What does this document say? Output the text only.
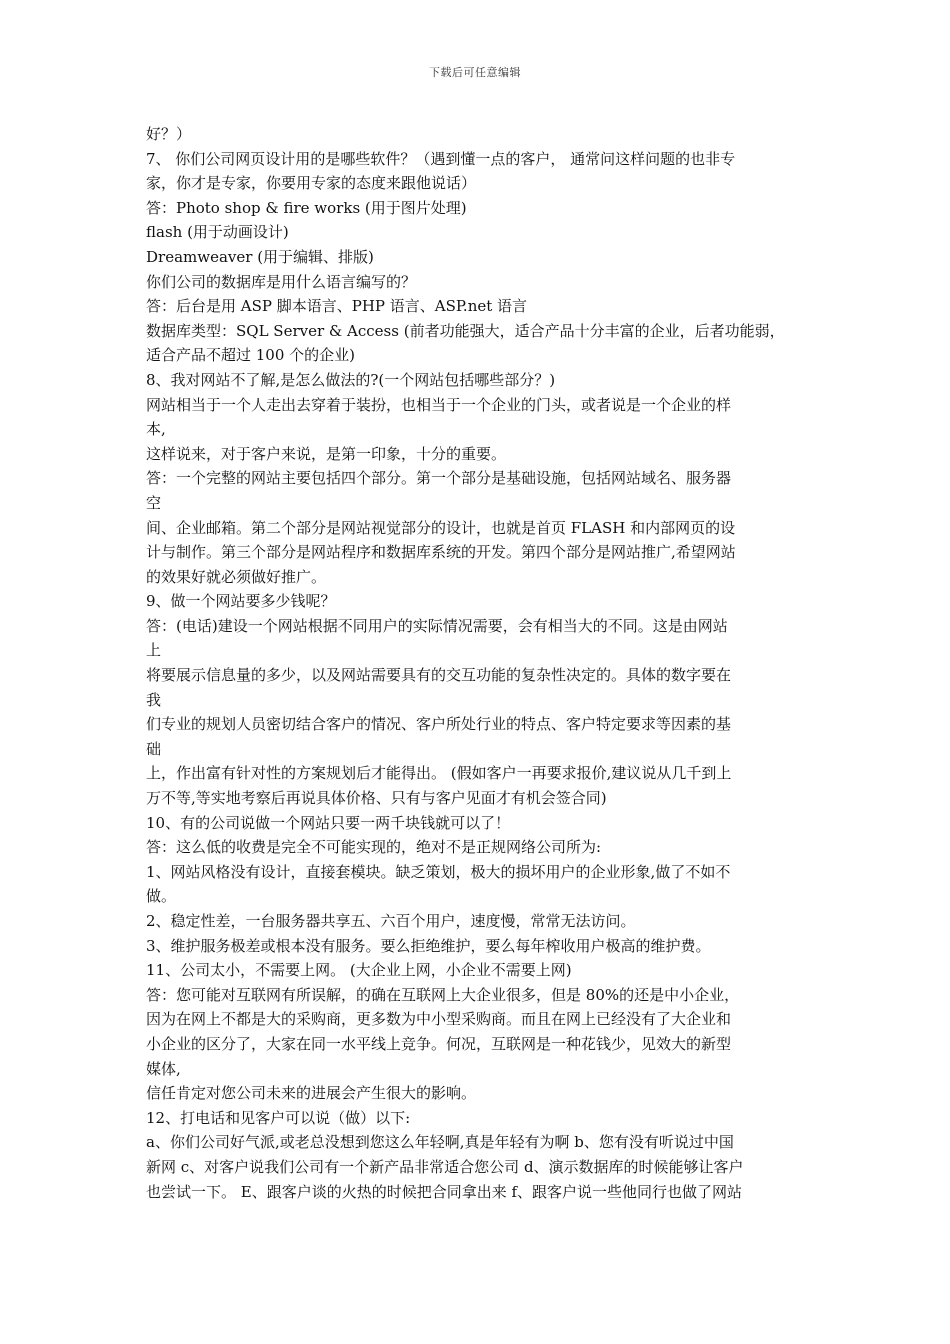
下载后可任意编辑
好？）
7、 你们公司网页设计用的是哪些软件？（遇到懂一点的客户， 通常问这样问题的也非专
家，你才是专家，你要用专家的态度来跟他说话）
答：Photo shop & fire works (用于图片处理)
flash (用于动画设计)
Dreamweaver (用于编辑、排版)
你们公司的数据库是用什么语言编写的？
答：后台是用 ASP 脚本语言、PHP 语言、ASP.net 语言
数据库类型：SQL Server & Access (前者功能强大，适合产品十分丰富的企业，后者功能弱，
适合产品不超过 100 个的企业)
8、我对网站不了解,是怎么做法的?(一个网站包括哪些部分？)
网站相当于一个人走出去穿着于装扮，也相当于一个企业的门头，或者说是一个企业的样
本,
这样说来，对于客户来说，是第一印象，十分的重要。
答：一个完整的网站主要包括四个部分。第一个部分是基础设施，包括网站域名、服务器
空
间、企业邮箱。第二个部分是网站视觉部分的设计，也就是首页 FLASH 和内部网页的设
计与制作。第三个部分是网站程序和数据库系统的开发。第四个部分是网站推广,希望网站
的效果好就必须做好推广。
9、做一个网站要多少钱呢？
答：(电话)建设一个网站根据不同用户的实际情况需要，会有相当大的不同。这是由网站
上
将要展示信息量的多少，以及网站需要具有的交互功能的复杂性决定的。具体的数字要在
我
们专业的规划人员密切结合客户的情况、客户所处行业的特点、客户特定要求等因素的基
础
上，作出富有针对性的方案规划后才能得出。 (假如客户一再要求报价,建议说从几千到上
万不等,等实地考察后再说具体价格、只有与客户见面才有机会签合同)
10、有的公司说做一个网站只要一两千块钱就可以了！
答：这么低的收费是完全不可能实现的，绝对不是正规网络公司所为:
1、网站风格没有设计，直接套模块。缺乏策划，极大的损坏用户的企业形象,做了不如不
做。
2、稳定性差，一台服务器共享五、六百个用户，速度慢，常常无法访问。
3、维护服务极差或根本没有服务。要么拒绝维护，要么每年榨收用户极高的维护费。
11、公司太小，不需要上网。 (大企业上网，小企业不需要上网)
答：您可能对互联网有所误解，的确在互联网上大企业很多，但是 80%的还是中小企业，
因为在网上不都是大的采购商，更多数为中小型采购商。而且在网上已经没有了大企业和
小企业的区分了，大家在同一水平线上竞争。何况，互联网是一种花钱少，见效大的新型
媒体,
信任肯定对您公司未来的进展会产生很大的影响。
12、打电话和见客户可以说（做）以下:
a、你们公司好气派,或老总没想到您这么年轻啊,真是年轻有为啊 b、您有没有听说过中国
新网 c、对客户说我们公司有一个新产品非常适合您公司 d、演示数据库的时候能够让客户
也尝试一下。 E、跟客户谈的火热的时候把合同拿出来 f、跟客户说一些他同行也做了网站
